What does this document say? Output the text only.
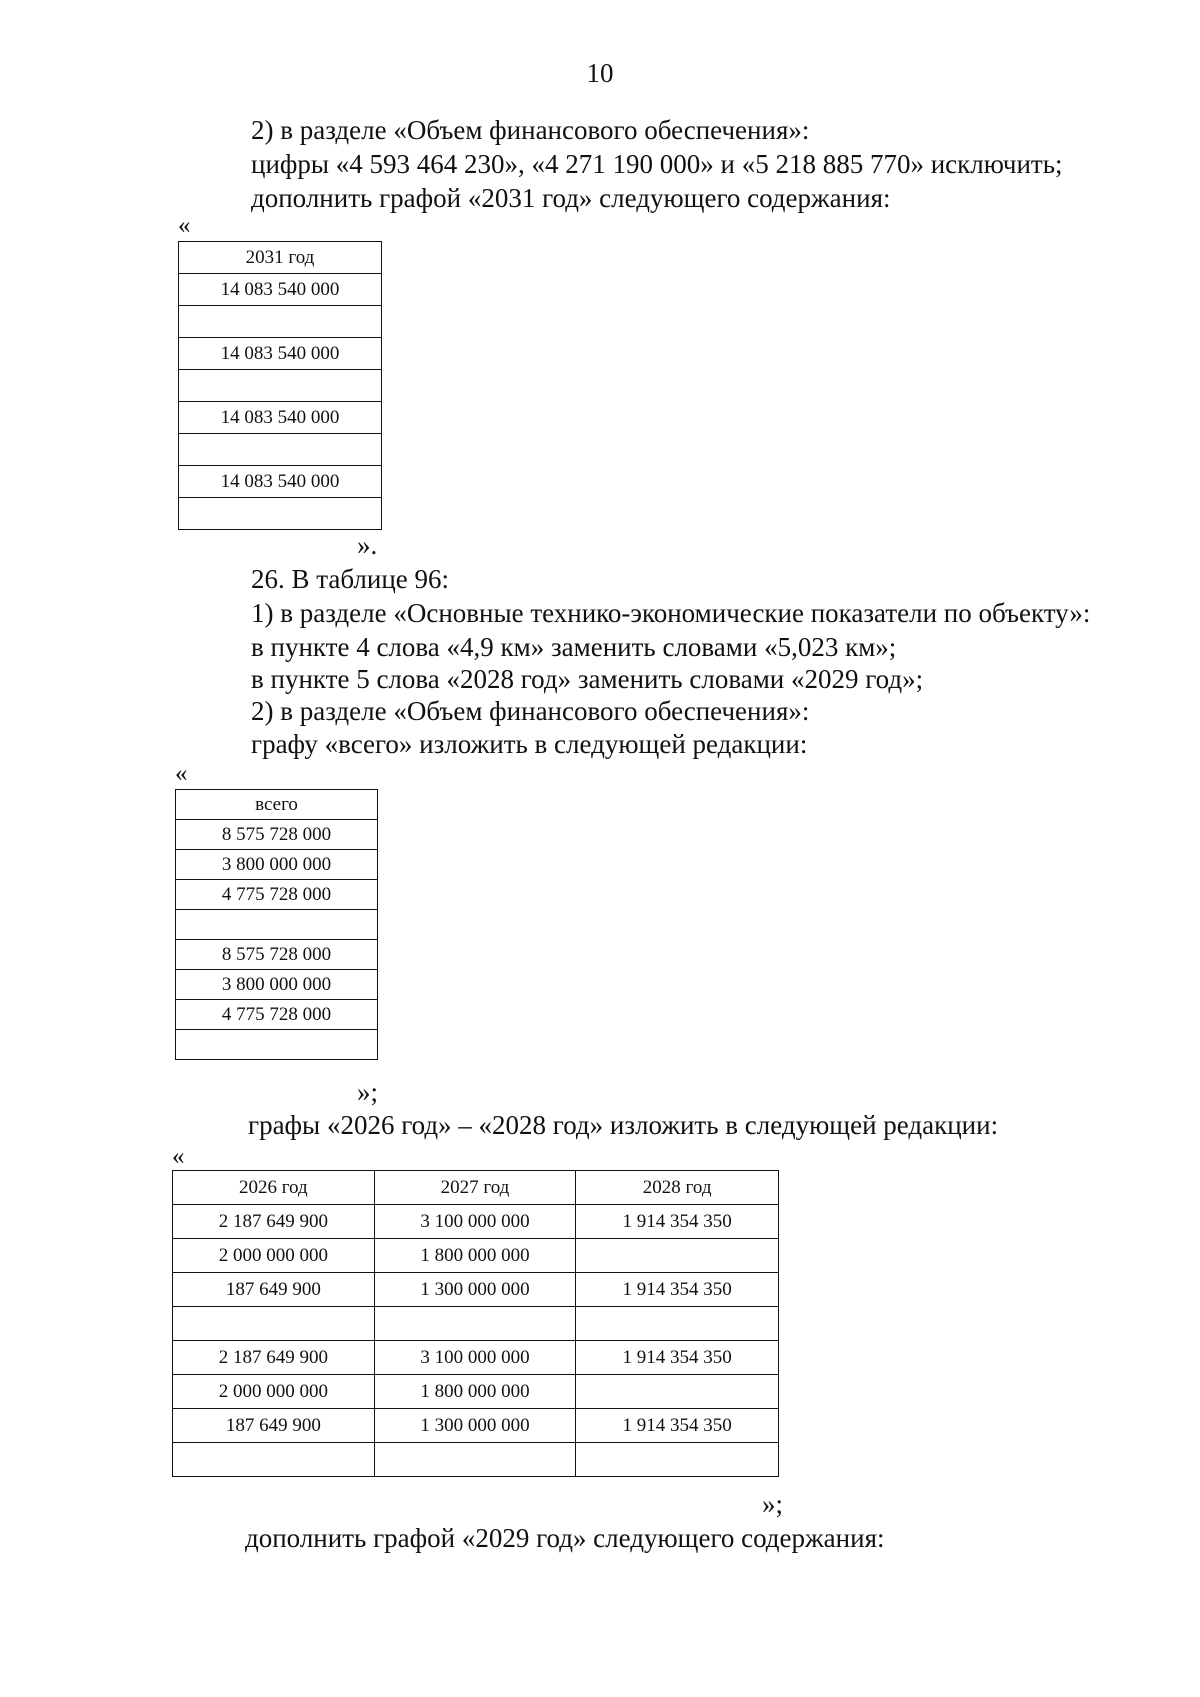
10
2) в разделе «Объем финансового обеспечения»:
цифры «4 593 464 230», «4 271 190 000» и «5 218 885 770» исключить;
дополнить графой «2031 год» следующего содержания:
«
2031 год
14 083 540 000

14 083 540 000

14 083 540 000

14 083 540 000

».
26. В таблице 96:
1) в разделе «Основные технико-экономические показатели по объекту»:
в пункте 4 слова «4,9 км» заменить словами «5,023 км»;
в пункте 5 слова «2028 год» заменить словами «2029 год»;
2) в разделе «Объем финансового обеспечения»:
графу «всего» изложить в следующей редакции:
«
всего
8 575 728 000
3 800 000 000
4 775 728 000

8 575 728 000
3 800 000 000
4 775 728 000

»;
графы «2026 год» – «2028 год» изложить в следующей редакции:
«
2026 год	2027 год	2028 год
2 187 649 900	3 100 000 000	1 914 354 350
2 000 000 000	1 800 000 000	
187 649 900	1 300 000 000	1 914 354 350

2 187 649 900	3 100 000 000	1 914 354 350
2 000 000 000	1 800 000 000	
187 649 900	1 300 000 000	1 914 354 350

»;
дополнить графой «2029 год» следующего содержания:
